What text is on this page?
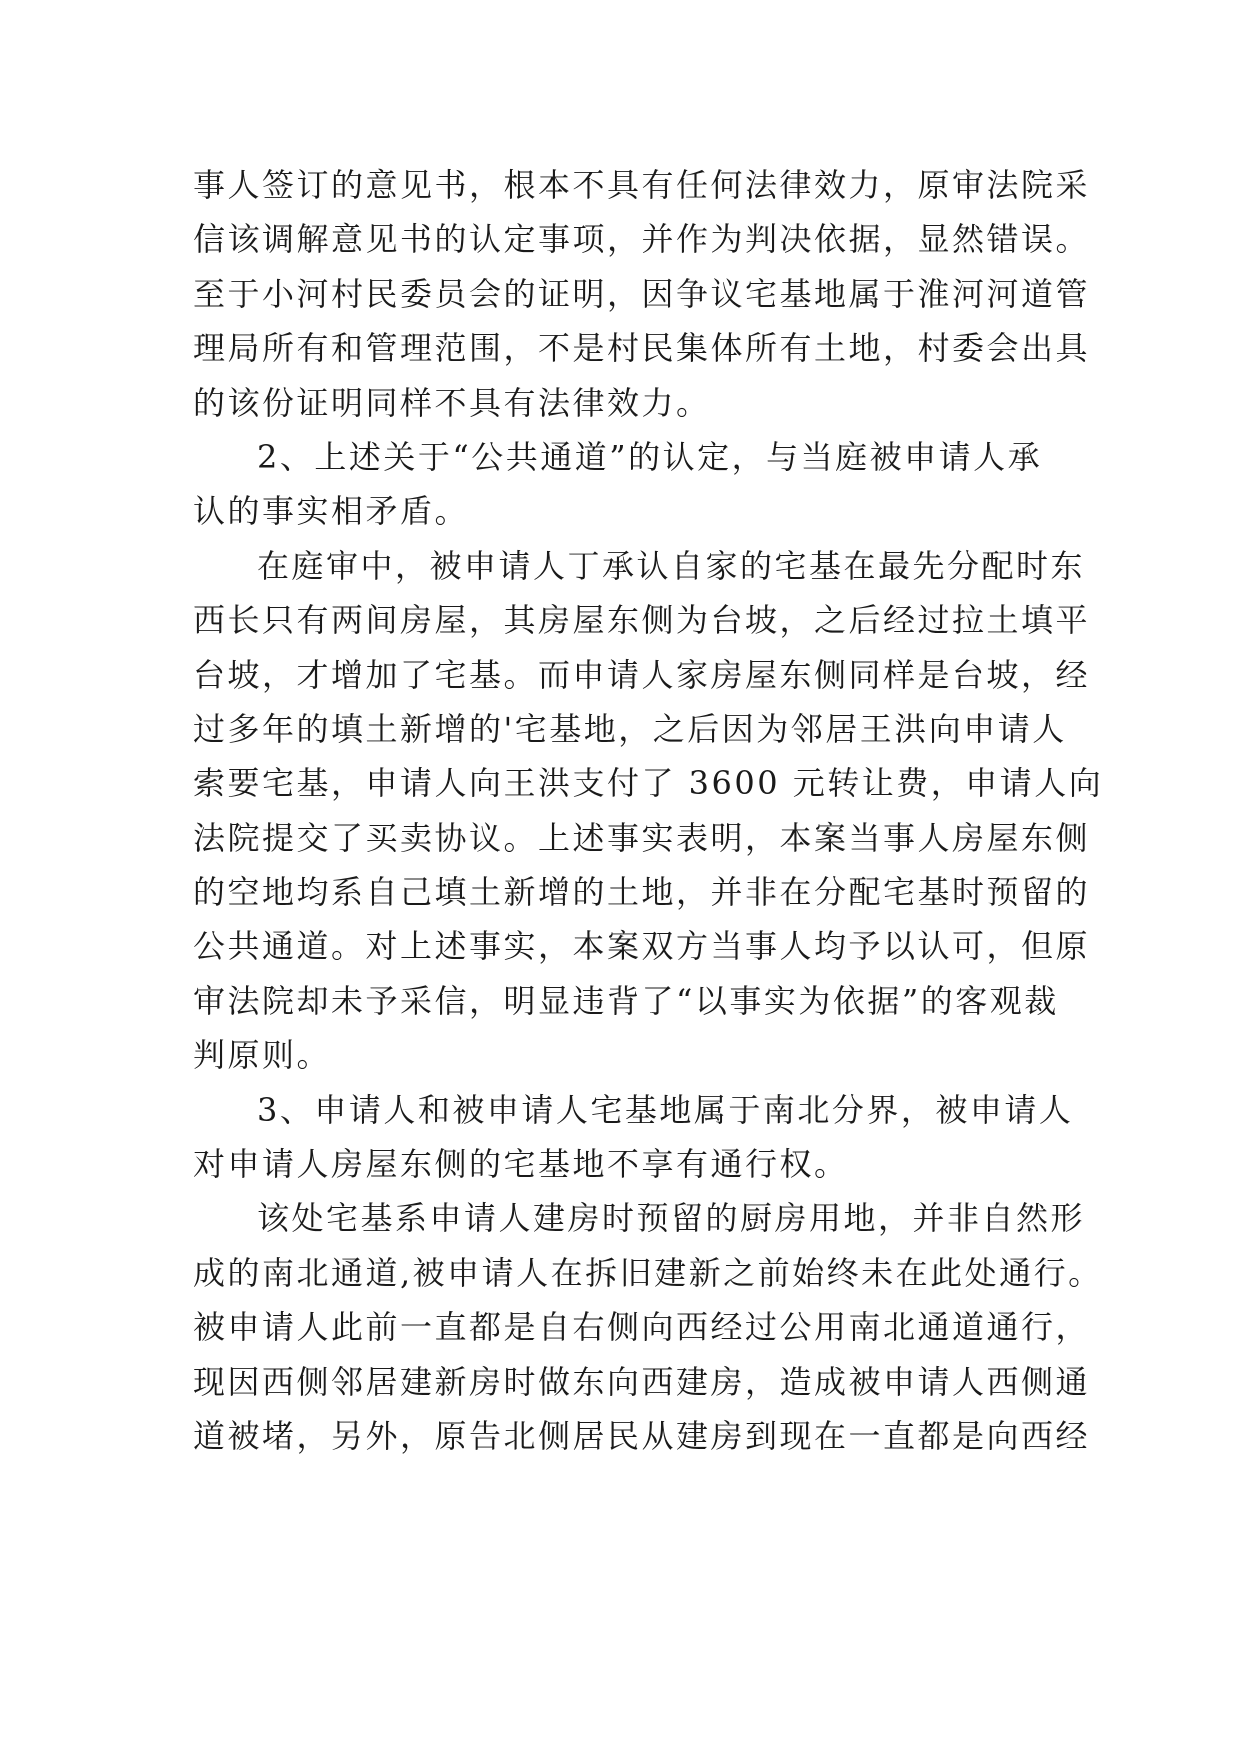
事人签订的意见书，根本不具有任何法律效力，原审法院采
信该调解意见书的认定事项，并作为判决依据，显然错误。
至于小河村民委员会的证明，因争议宅基地属于淮河河道管
理局所有和管理范围，不是村民集体所有土地，村委会出具
的该份证明同样不具有法律效力。
2、上述关于“公共通道”的认定，与当庭被申请人承
认的事实相矛盾。
在庭审中，被申请人丁承认自家的宅基在最先分配时东
西长只有两间房屋，其房屋东侧为台坡，之后经过拉土填平
台坡，才增加了宅基。而申请人家房屋东侧同样是台坡，经
过多年的填土新增的'宅基地，之后因为邻居王洪向申请人
索要宅基，申请人向王洪支付了 3600 元转让费，申请人向
法院提交了买卖协议。上述事实表明，本案当事人房屋东侧
的空地均系自己填土新增的土地，并非在分配宅基时预留的
公共通道。对上述事实，本案双方当事人均予以认可，但原
审法院却未予采信，明显违背了“以事实为依据”的客观裁
判原则。
3、申请人和被申请人宅基地属于南北分界，被申请人
对申请人房屋东侧的宅基地不享有通行权。
该处宅基系申请人建房时预留的厨房用地，并非自然形
成的南北通道,被申请人在拆旧建新之前始终未在此处通行。
被申请人此前一直都是自右侧向西经过公用南北通道通行，
现因西侧邻居建新房时做东向西建房，造成被申请人西侧通
道被堵，另外，原告北侧居民从建房到现在一直都是向西经
